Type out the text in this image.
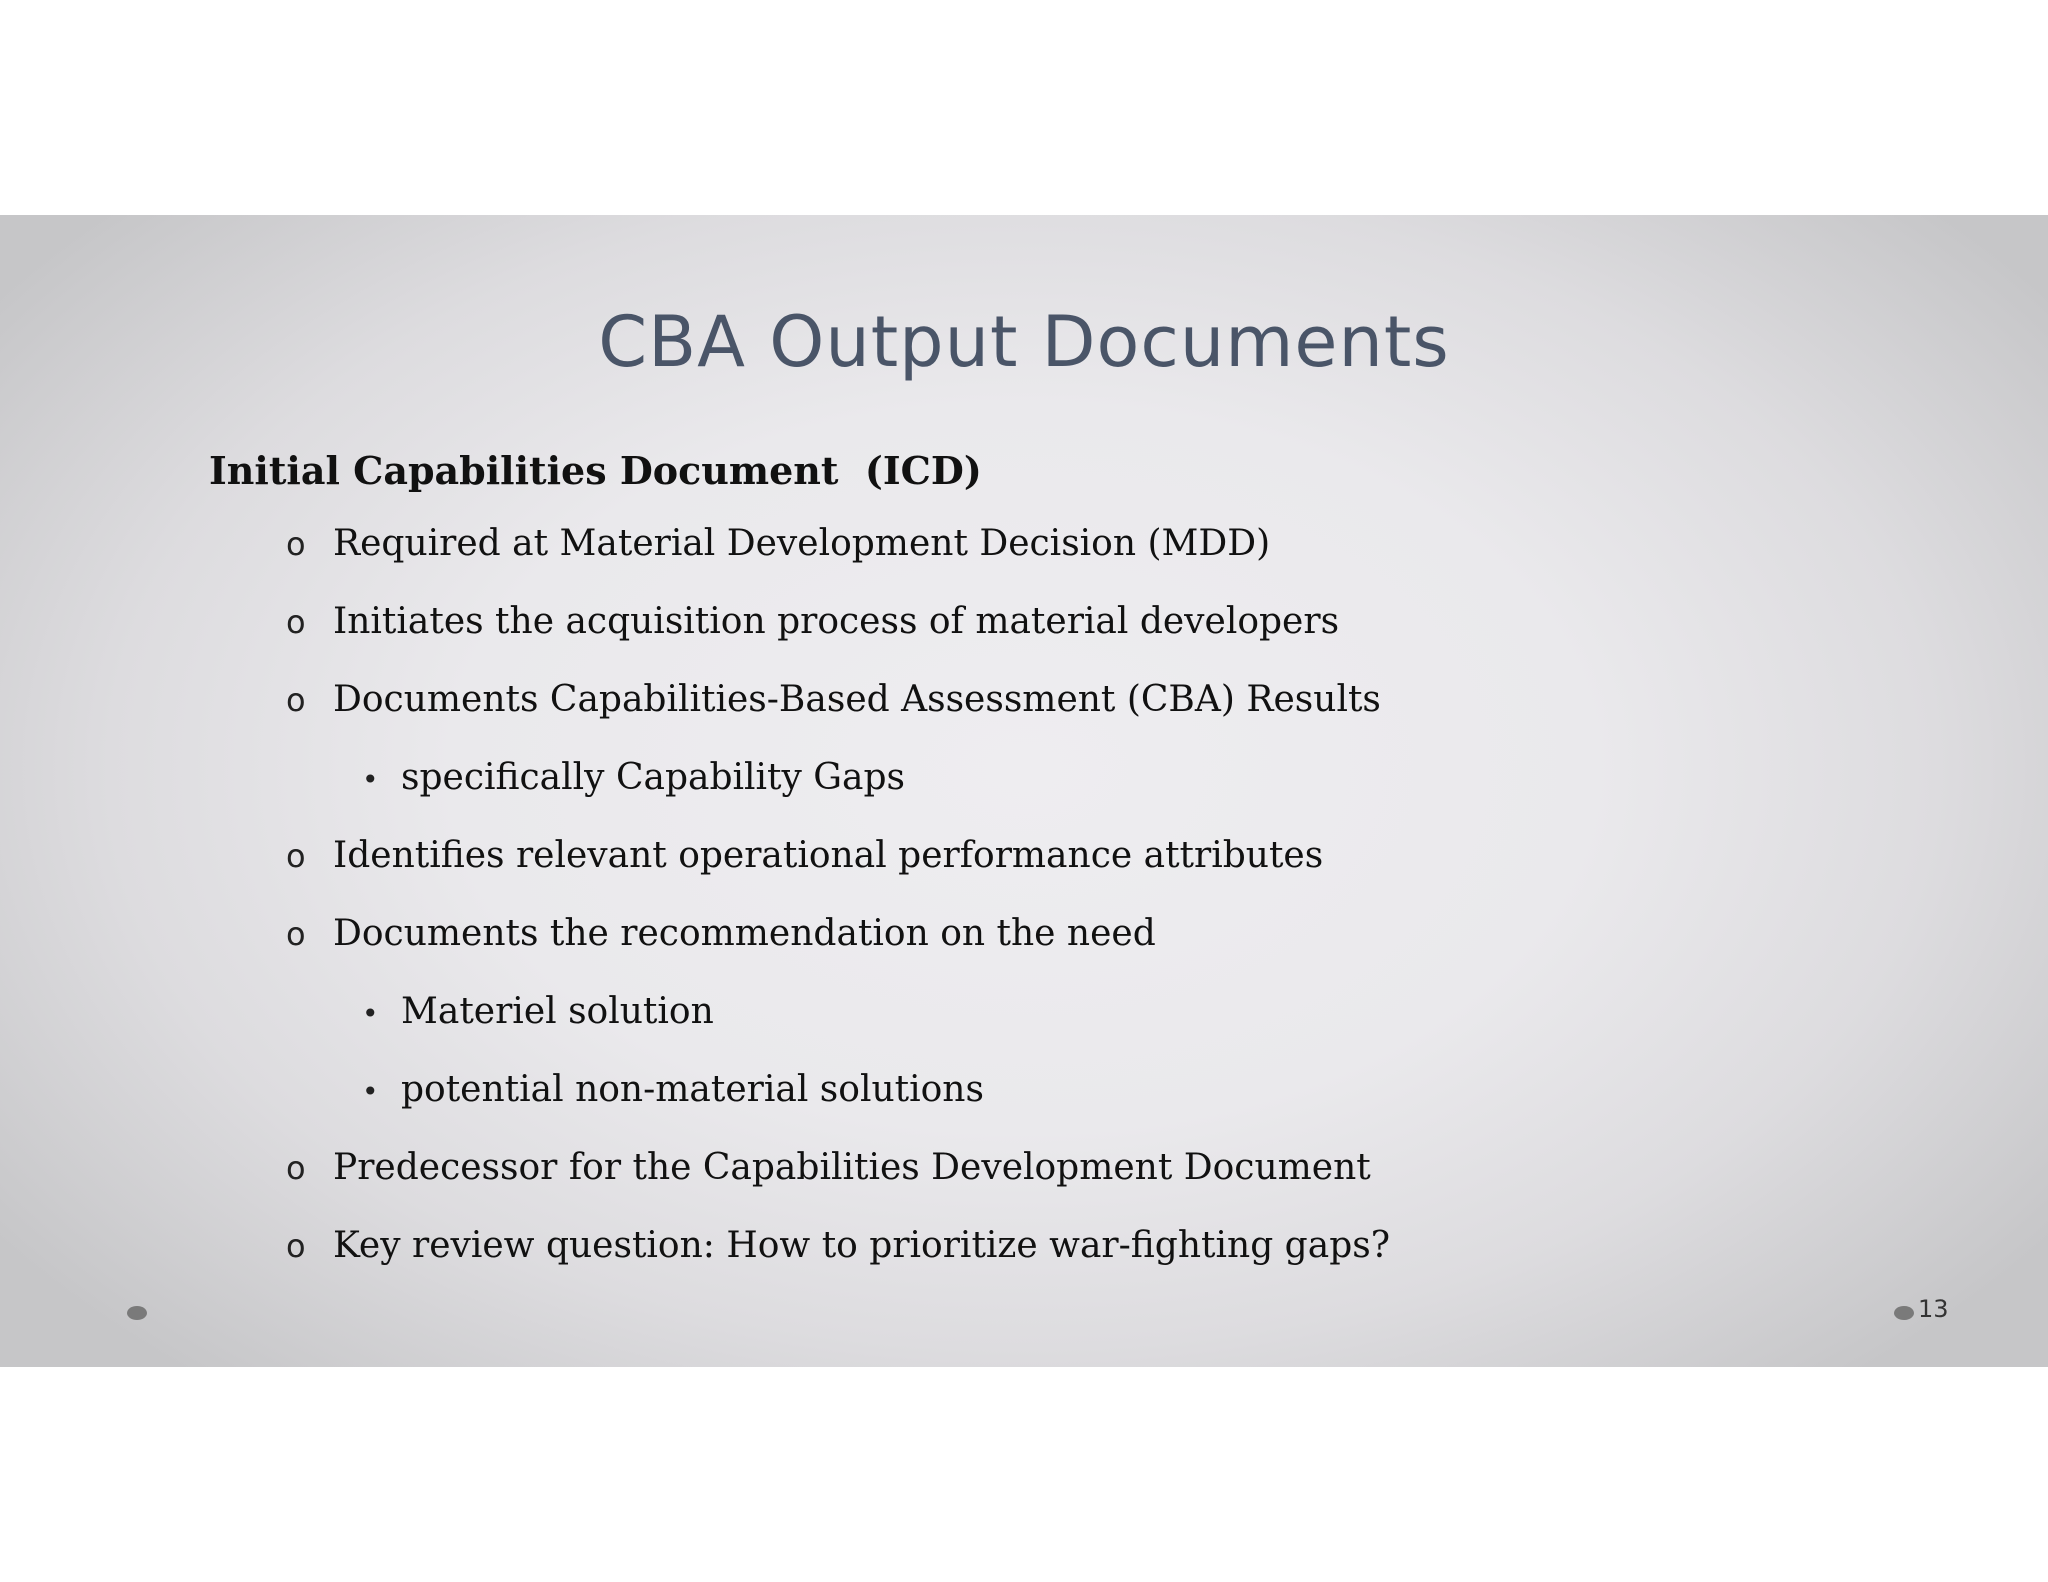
CBA Output Documents
Initial Capabilities Document  (ICD)
o Required at Material Development Decision (MDD)
o Initiates the acquisition process of material developers
o Documents Capabilities-Based Assessment (CBA) Results
• specifically Capability Gaps
o Identifies relevant operational performance attributes
o Documents the recommendation on the need
• Materiel solution
• potential non-material solutions
o Predecessor for the Capabilities Development Document
o Key review question: How to prioritize war-fighting gaps?
13
